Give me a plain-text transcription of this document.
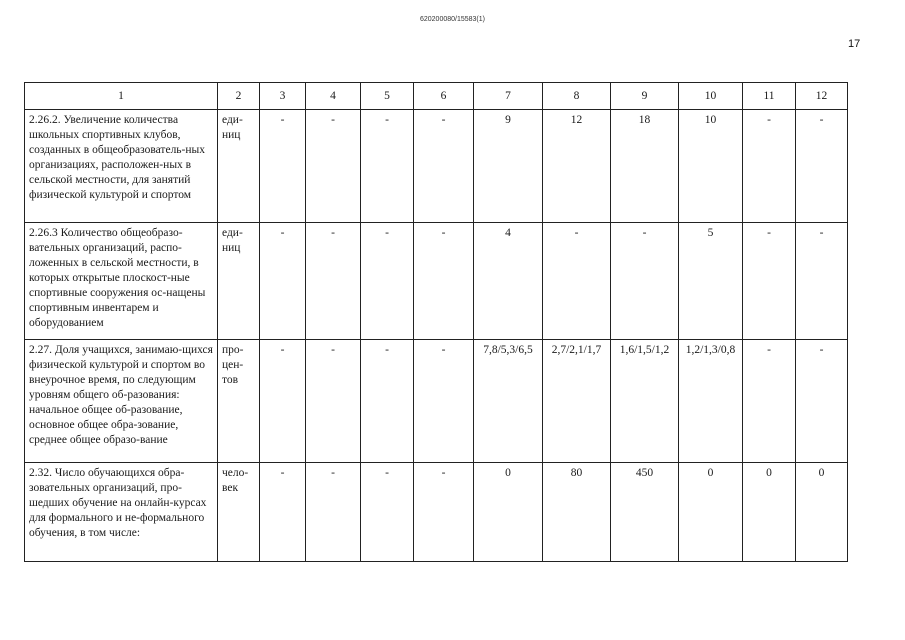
620200080/15583(1)
17
1	2	3	4	5	6	7	8	9	10	11	12
2.26.2. Увеличение количества школьных спортивных клубов, созданных в общеобразователь-ных организациях, расположен-ных в сельской местности, для занятий физической культурой и спортом	еди-ниц	-	-	-	-	9	12	18	10	-	-
2.26.3 Количество общеобразо-вательных организаций, распо-ложенных в сельской местности, в которых открытые плоскост-ные спортивные сооружения ос-нащены спортивным инвентарем и оборудованием	еди-ниц	-	-	-	-	4	-	-	5	-	-
2.27. Доля учащихся, занимаю-щихся физической культурой и спортом во внеурочное время, по следующим уровням общего об-разования: начальное общее об-разование, основное общее обра-зование, среднее общее образо-вание	про-цен-тов	-	-	-	-	7,8/5,3/6,5	2,7/2,1/1,7	1,6/1,5/1,2	1,2/1,3/0,8	-	-
2.32. Число обучающихся обра-зовательных организаций, про-шедших обучение на онлайн-курсах для формального и не-формального обучения, в том числе:	чело-век	-	-	-	-	0	80	450	0	0	0
